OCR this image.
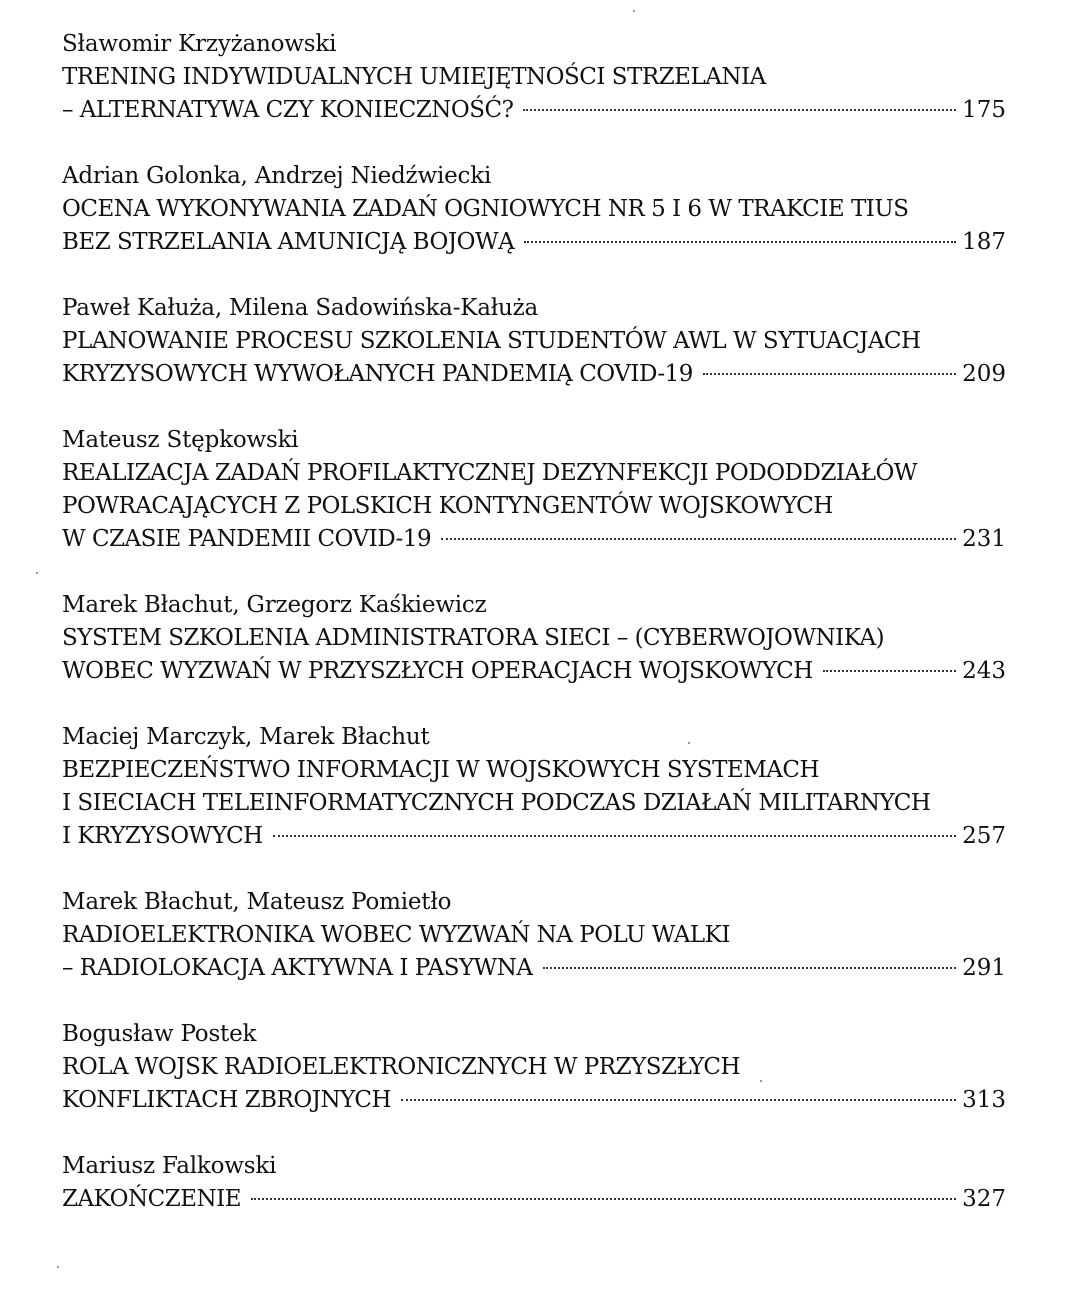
Sławomir Krzyżanowski
TRENING INDYWIDUALNYCH UMIEJĘTNOŚCI STRZELANIA
– ALTERNATYWA CZY KONIECZNOŚĆ?	175
Adrian Golonka, Andrzej Niedźwiecki
OCENA WYKONYWANIA ZADAŃ OGNIOWYCH NR 5 I 6 W TRAKCIE TIUS
BEZ STRZELANIA AMUNICJĄ BOJOWĄ	187
Paweł Kałuża, Milena Sadowińska-Kałuża
PLANOWANIE PROCESU SZKOLENIA STUDENTÓW AWL W SYTUACJACH
KRYZYSOWYCH WYWOŁANYCH PANDEMIĄ COVID-19	209
Mateusz Stępkowski
REALIZACJA ZADAŃ PROFILAKTYCZNEJ DEZYNFEKCJI PODODDZIAŁÓW
POWRACAJĄCYCH Z POLSKICH KONTYNGENTÓW WOJSKOWYCH
W CZASIE PANDEMII COVID-19	231
Marek Błachut, Grzegorz Kaśkiewicz
SYSTEM SZKOLENIA ADMINISTRATORA SIECI – (CYBERWOJOWNIKA)
WOBEC WYZWAŃ W PRZYSZŁYCH OPERACJACH WOJSKOWYCH	243
Maciej Marczyk, Marek Błachut
BEZPIECZEŃSTWO INFORMACJI W WOJSKOWYCH SYSTEMACH
I SIECIACH TELEINFORMATYCZNYCH PODCZAS DZIAŁAŃ MILITARNYCH
I KRYZYSOWYCH	257
Marek Błachut, Mateusz Pomietło
RADIOELEKTRONIKA WOBEC WYZWAŃ NA POLU WALKI
– RADIOLOKACJA AKTYWNA I PASYWNA	291
Bogusław Postek
ROLA WOJSK RADIOELEKTRONICZNYCH W PRZYSZŁYCH
KONFLIKTACH ZBROJNYCH	313
Mariusz Falkowski
ZAKOŃCZENIE	327
